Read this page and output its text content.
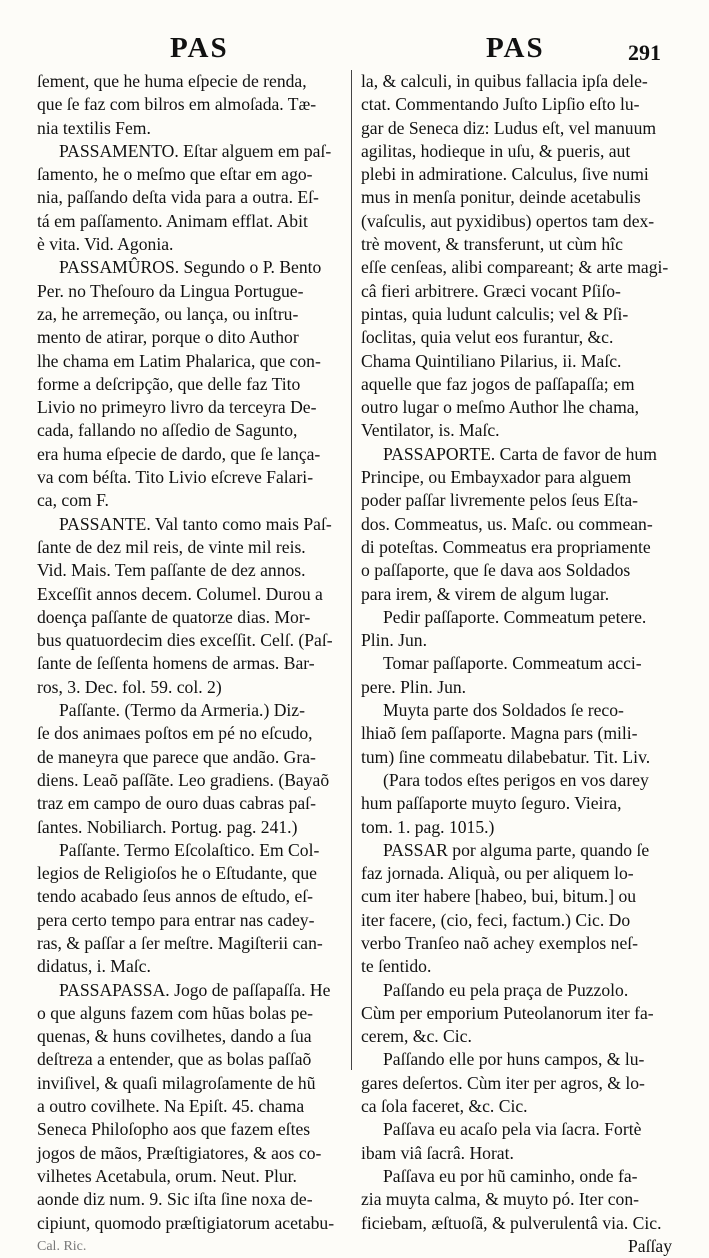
PAS	PAS	291
ſement, que he huma eſpecie de renda,
que ſe faz com bilros em almoſada. Tæ-
nia textilis Fem.
PASSAMENTO. Eſtar alguem em paſ-
ſamento, he o meſmo que eſtar em ago-
nia, paſſando deſta vida para a outra. Eſ-
tá em paſſamento. Animam efflat. Abit
è vita. Vid. Agonia.
PASSAMÛROS. Segundo o P. Bento
Per. no Theſouro da Lingua Portugue-
za, he arremeção, ou lança, ou inſtru-
mento de atirar, porque o dito Author
lhe chama em Latim Phalarica, que con-
forme a deſcripção, que delle faz Tito
Livio no primeyro livro da terceyra De-
cada, fallando no aſſedio de Sagunto,
era huma eſpecie de dardo, que ſe lança-
va com béſta. Tito Livio eſcreve Falari-
ca, com F.
PASSANTE. Val tanto como mais Paſ-
ſante de dez mil reis, de vinte mil reis.
Vid. Mais. Tem paſſante de dez annos.
Exceſſit annos decem. Columel. Durou a
doença paſſante de quatorze dias. Mor-
bus quatuordecim dies exceſſit. Celſ. (Paſ-
ſante de ſeſſenta homens de armas. Bar-
ros, 3. Dec. fol. 59. col. 2)
Paſſante. (Termo da Armeria.) Diz-
ſe dos animaes poſtos em pé no eſcudo,
de maneyra que parece que andão. Gra-
diens. Leaõ paſſãte. Leo gradiens. (Bayaõ
traz em campo de ouro duas cabras paſ-
ſantes. Nobiliarch. Portug. pag. 241.)
Paſſante. Termo Eſcolaſtico. Em Col-
legios de Religioſos he o Eſtudante, que
tendo acabado ſeus annos de eſtudo, eſ-
pera certo tempo para entrar nas cadey-
ras, & paſſar a ſer meſtre. Magiſterii can-
didatus, i. Maſc.
PASSAPASSA. Jogo de paſſapaſſa. He
o que alguns fazem com hũas bolas pe-
quenas, & huns covilhetes, dando a ſua
deſtreza a entender, que as bolas paſſaõ
inviſivel, & quaſi milagroſamente de hũ
a outro covilhete. Na Epiſt. 45. chama
Seneca Philoſopho aos que fazem eſtes
jogos de mãos, Præſtigiatores, & aos co-
vilhetes Acetabula, orum. Neut. Plur.
aonde diz num. 9. Sic iſta ſine noxa de-
cipiunt, quomodo præſtigiatorum acetabu-
Cal. Ric.
la, & calculi, in quibus fallacia ipſa dele-
ctat. Commentando Juſto Lipſio eſto lu-
gar de Seneca diz: Ludus eſt, vel manuum
agilitas, hodieque in uſu, & pueris, aut
plebi in admiratione. Calculus, ſive numi
mus in menſa ponitur, deinde acetabulis
(vaſculis, aut pyxidibus) opertos tam dex-
trè movent, & transferunt, ut cùm hîc
eſſe cenſeas, alibi compareant; & arte magi-
câ fieri arbitrere. Græci vocant Pſiſo-
pintas, quia ludunt calculis; vel & Pſi-
ſoclitas, quia velut eos furantur, &c.
Chama Quintiliano Pilarius, ii. Maſc.
aquelle que faz jogos de paſſapaſſa; em
outro lugar o meſmo Author lhe chama,
Ventilator, is. Maſc.
PASSAPORTE. Carta de favor de hum
Principe, ou Embayxador para alguem
poder paſſar livremente pelos ſeus Eſta-
dos. Commeatus, us. Maſc. ou commean-
di poteſtas. Commeatus era propriamente
o paſſaporte, que ſe dava aos Soldados
para irem, & virem de algum lugar.
Pedir paſſaporte. Commeatum petere.
Plin. Jun.
Tomar paſſaporte. Commeatum acci-
pere. Plin. Jun.
Muyta parte dos Soldados ſe reco-
lhiaõ ſem paſſaporte. Magna pars (mili-
tum) ſine commeatu dilabebatur. Tit. Liv.
(Para todos eſtes perigos en vos darey
hum paſſaporte muyto ſeguro. Vieira,
tom. 1. pag. 1015.)
PASSAR por alguma parte, quando ſe
faz jornada. Aliquà, ou per aliquem lo-
cum iter habere [habeo, bui, bitum.] ou
iter facere, (cio, feci, factum.) Cic. Do
verbo Tranſeo naõ achey exemplos neſ-
te ſentido.
Paſſando eu pela praça de Puzzolo.
Cùm per emporium Puteolanorum iter fa-
cerem, &c. Cic.
Paſſando elle por huns campos, & lu-
gares deſertos. Cùm iter per agros, & lo-
ca ſola faceret, &c. Cic.
Paſſava eu acaſo pela via ſacra. Fortè
ibam viâ ſacrâ. Horat.
Paſſava eu por hũ caminho, onde fa-
zia muyta calma, & muyto pó. Iter con-
ficiebam, æſtuoſã, & pulverulentâ via. Cic.
Paſſay
